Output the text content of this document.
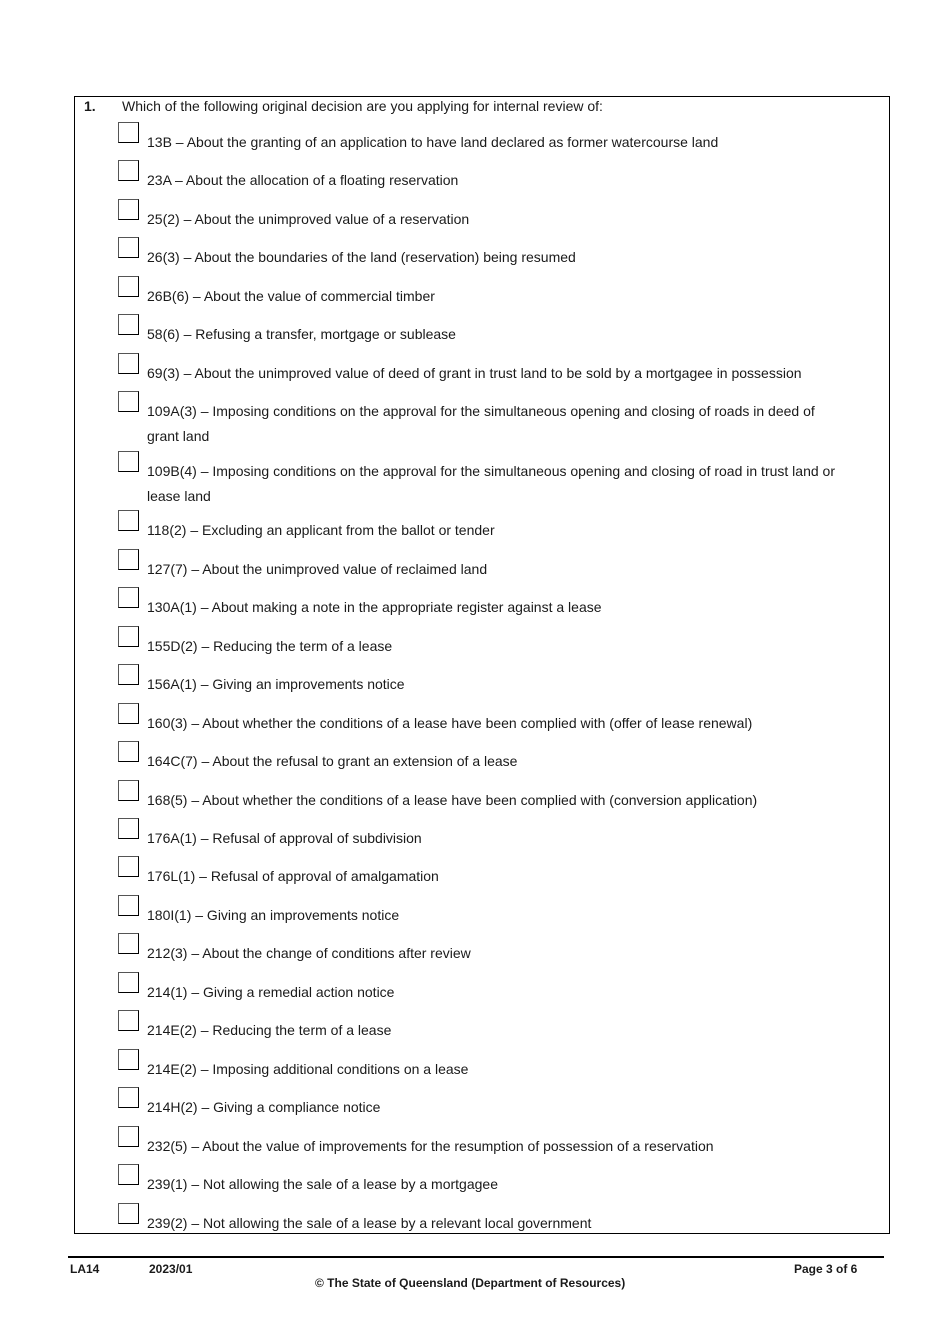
1. Which of the following original decision are you applying for internal review of:
13B – About the granting of an application to have land declared as former watercourse land
23A – About the allocation of a floating reservation
25(2) – About the unimproved value of a reservation
26(3) – About the boundaries of the land (reservation) being resumed
26B(6) – About the value of commercial timber
58(6) – Refusing a transfer, mortgage or sublease
69(3) – About the unimproved value of deed of grant in trust land to be sold by a mortgagee in possession
109A(3) – Imposing conditions on the approval for the simultaneous opening and closing of roads in deed of grant land
109B(4) – Imposing conditions on the approval for the simultaneous opening and closing of road in trust land or lease land
118(2) – Excluding an applicant from the ballot or tender
127(7) – About the unimproved value of reclaimed land
130A(1) – About making a note in the appropriate register against a lease
155D(2) – Reducing the term of a lease
156A(1) – Giving an improvements notice
160(3) – About whether the conditions of a lease have been complied with (offer of lease renewal)
164C(7) – About the refusal to grant an extension of a lease
168(5) – About whether the conditions of a lease have been complied with (conversion application)
176A(1) – Refusal of approval of subdivision
176L(1) – Refusal of approval of amalgamation
180I(1) – Giving an improvements notice
212(3) – About the change of conditions after review
214(1) – Giving a remedial action notice
214E(2) – Reducing the term of a lease
214E(2) – Imposing additional conditions on a lease
214H(2) – Giving a compliance notice
232(5) – About the value of improvements for the resumption of possession of a reservation
239(1) – Not allowing the sale of a lease by a mortgagee
239(2) – Not allowing the sale of a lease by a relevant local government
LA14	2023/01
© The State of Queensland (Department of Resources)
Page 3 of 6
